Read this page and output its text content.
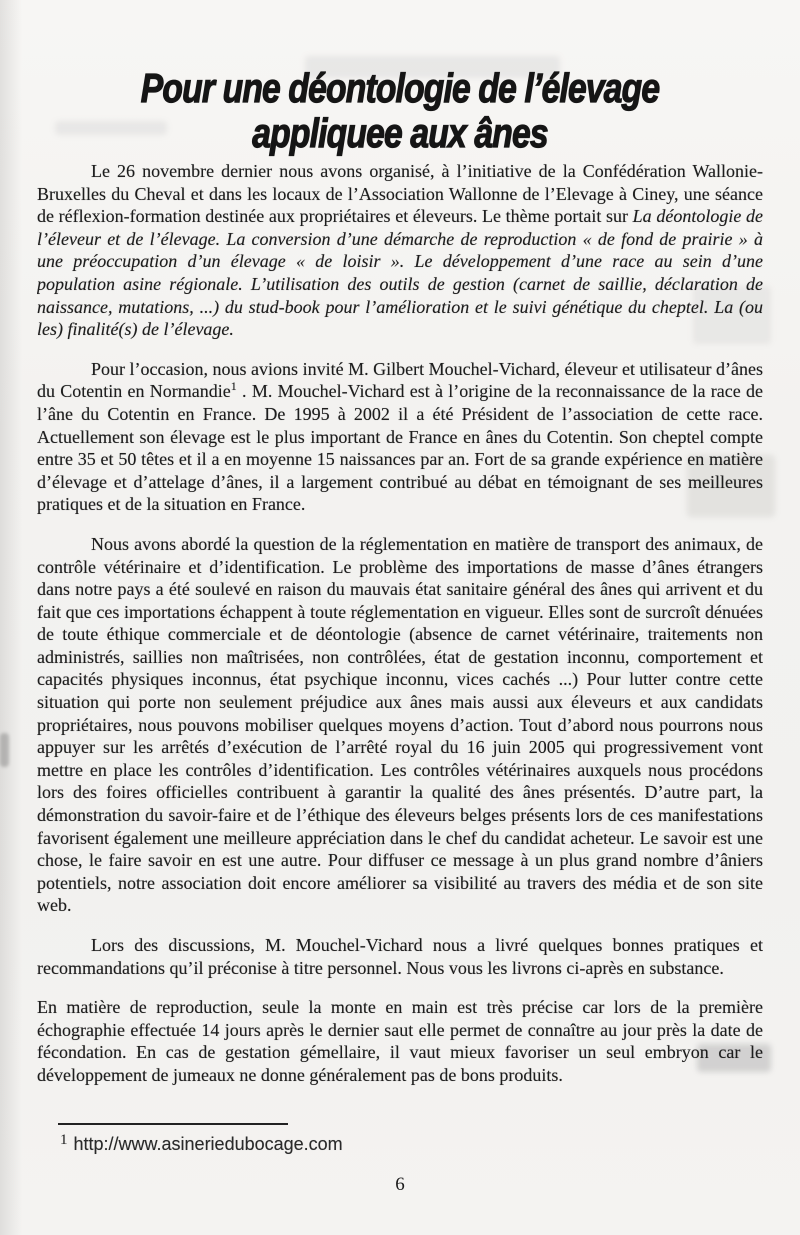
Pour une déontologie de l’élevage
appliquee aux ânes

Le 26 novembre dernier nous avons organisé, à l’initiative de la Confédération Wallonie-Bruxelles du Cheval et dans les locaux de l’Association Wallonne de l’Elevage à Ciney, une séance de réflexion-formation destinée aux propriétaires et éleveurs. Le thème portait sur La déontologie de l’éleveur et de l’élevage. La conversion d’une démarche de reproduction « de fond de prairie » à une préoccupation d’un élevage « de loisir ». Le développement d’une race au sein d’une population asine régionale. L’utilisation des outils de gestion (carnet de saillie, déclaration de naissance, mutations, ...) du stud-book pour l’amélioration et le suivi génétique du cheptel. La (ou les) finalité(s) de l’élevage.

Pour l’occasion, nous avions invité M. Gilbert Mouchel-Vichard, éleveur et utilisateur d’ânes du Cotentin en Normandie$^1$ . M. Mouchel-Vichard est à l’origine de la reconnaissance de la race de l’âne du Cotentin en France. De 1995 à 2002 il a été Président de l’association de cette race. Actuellement son élevage est le plus important de France en ânes du Cotentin. Son cheptel compte entre 35 et 50 têtes et il a en moyenne 15 naissances par an. Fort de sa grande expérience en matière d’élevage et d’attelage d’ânes, il a largement contribué au débat en témoignant de ses meilleures pratiques et de la situation en France.

Nous avons abordé la question de la réglementation en matière de transport des animaux, de contrôle vétérinaire et d’identification. Le problème des importations de masse d’ânes étrangers dans notre pays a été soulevé en raison du mauvais état sanitaire général des ânes qui arrivent et du fait que ces importations échappent à toute réglementation en vigueur. Elles sont de surcroît dénuées de toute éthique commerciale et de déontologie (absence de carnet vétérinaire, traitements non administrés, saillies non maîtrisées, non contrôlées, état de gestation inconnu, comportement et capacités physiques inconnus, état psychique inconnu, vices cachés ...) Pour lutter contre cette situation qui porte non seulement préjudice aux ânes mais aussi aux éleveurs et aux candidats propriétaires, nous pouvons mobiliser quelques moyens d’action. Tout d’abord nous pourrons nous appuyer sur les arrêtés d’exécution de l’arrêté royal du 16 juin 2005 qui progressivement vont mettre en place les contrôles d’identification. Les contrôles vétérinaires auxquels nous procédons lors des foires officielles contribuent à garantir la qualité des ânes présentés. D’autre part, la démonstration du savoir-faire et de l’éthique des éleveurs belges présents lors de ces manifestations favorisent également une meilleure appréciation dans le chef du candidat acheteur. Le savoir est une chose, le faire savoir en est une autre. Pour diffuser ce message à un plus grand nombre d’âniers potentiels, notre association doit encore améliorer sa visibilité au travers des média et de son site web.

Lors des discussions, M. Mouchel-Vichard nous a livré quelques bonnes pratiques et recommandations qu’il préconise à titre personnel. Nous vous les livrons ci-après en substance.

En matière de reproduction, seule la monte en main est très précise car lors de la première échographie effectuée 14 jours après le dernier saut elle permet de connaître au jour près la date de fécondation. En cas de gestation gémellaire, il vaut mieux favoriser un seul embryon car le développement de jumeaux ne donne généralement pas de bons produits.

$^1$ http://www.asineriedubocage.com
6
